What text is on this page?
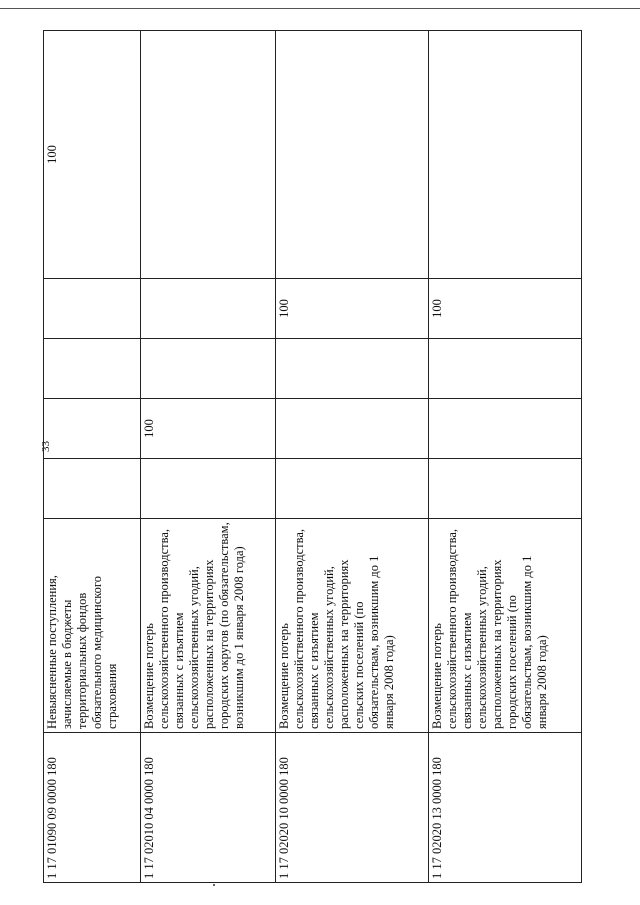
33
1 17 01090 09 0000 180	Невыясненные поступления, зачисляемые в бюджеты территориальных фондов обязательного медицинского страхования					100
1 17 02010 04 0000 180	Возмещение потерь сельскохозяйственного производства, связанных с изъятием сельскохозяйственных угодий, расположенных на территориях городских округов (по обязательствам, возникшим до 1 января 2008 года)		100			
1 17 02020 10 0000 180	Возмещение потерь сельскохозяйственного производства, связанных с изъятием сельскохозяйственных угодий, расположенных на территориях сельских поселений (по обязательствам, возникшим до 1 января 2008 года)				100	
1 17 02020 13 0000 180	Возмещение потерь сельскохозяйственного производства, связанных с изъятием сельскохозяйственных угодий, расположенных на территориях городских поселений (по обязательствам, возникшим до 1 января 2008 года)				100	
